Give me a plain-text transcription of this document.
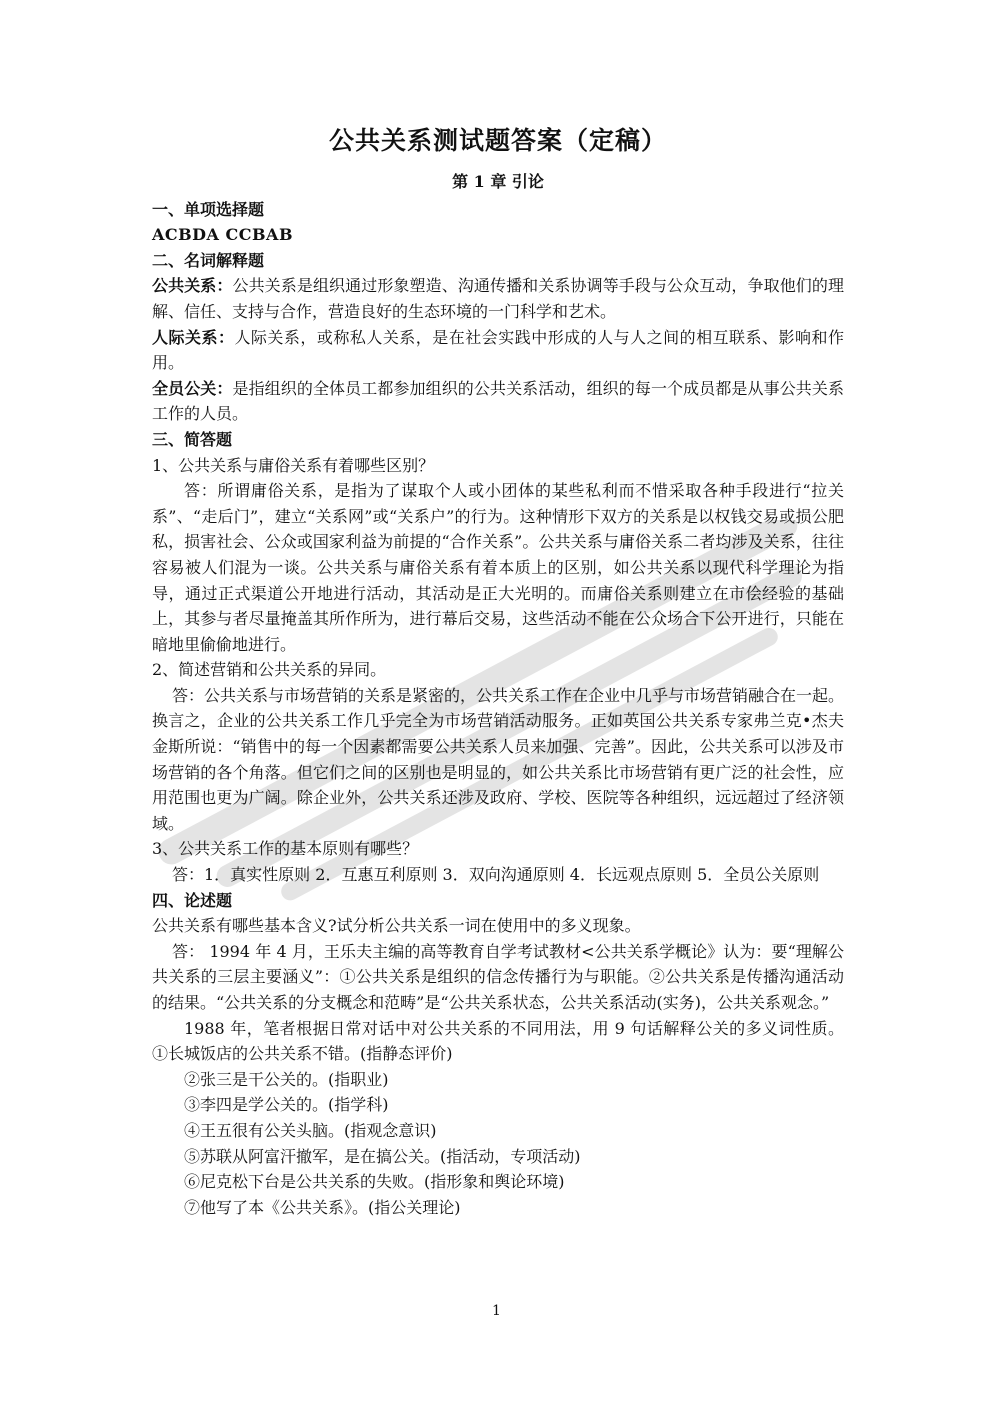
公共关系测试题答案（定稿）

第 1 章 引论

一、单项选择题

ACBDA CCBAB

二、名词解释题

公共关系：公共关系是组织通过形象塑造、沟通传播和关系协调等手段与公众互动，争取他们的理解、信任、支持与合作，营造良好的生态环境的一门科学和艺术。

人际关系：人际关系，或称私人关系，是在社会实践中形成的人与人之间的相互联系、影响和作用。

全员公关：是指组织的全体员工都参加组织的公共关系活动，组织的每一个成员都是从事公共关系工作的人员。

三、简答题

1、公共关系与庸俗关系有着哪些区别？

答：所谓庸俗关系，是指为了谋取个人或小团体的某些私利而不惜采取各种手段进行“拉关系”、“走后门”，建立“关系网”或“关系户”的行为。这种情形下双方的关系是以权钱交易或损公肥私，损害社会、公众或国家利益为前提的“合作关系”。公共关系与庸俗关系二者均涉及关系，往往容易被人们混为一谈。公共关系与庸俗关系有着本质上的区别，如公共关系以现代科学理论为指导，通过正式渠道公开地进行活动，其活动是正大光明的。而庸俗关系则建立在市侩经验的基础上，其参与者尽量掩盖其所作所为，进行幕后交易，这些活动不能在公众场合下公开进行，只能在暗地里偷偷地进行。

2、简述营销和公共关系的异同。

答：公共关系与市场营销的关系是紧密的，公共关系工作在企业中几乎与市场营销融合在一起。换言之，企业的公共关系工作几乎完全为市场营销活动服务。正如英国公共关系专家弗兰克•杰夫金斯所说：“销售中的每一个因素都需要公共关系人员来加强、完善”。因此，公共关系可以涉及市场营销的各个角落。但它们之间的区别也是明显的，如公共关系比市场营销有更广泛的社会性，应用范围也更为广阔。除企业外，公共关系还涉及政府、学校、医院等各种组织，远远超过了经济领域。

3、公共关系工作的基本原则有哪些？

答：1．真实性原则 2．互惠互利原则 3．双向沟通原则 4．长远观点原则 5．全员公关原则

四、论述题

公共关系有哪些基本含义?试分析公共关系一词在使用中的多义现象。

答： 1994 年 4 月，王乐夫主编的高等教育自学考试教材<公共关系学概论》认为：要“理解公共关系的三层主要涵义”：①公共关系是组织的信念传播行为与职能。②公共关系是传播沟通活动的结果。“公共关系的分支概念和范畴”是“公共关系状态，公共关系活动(实务)，公共关系观念。”

1988 年，笔者根据日常对话中对公共关系的不同用法，用 9 句话解释公关的多义词性质。 ①长城饭店的公共关系不错。(指静态评价)

②张三是干公关的。(指职业)

③李四是学公关的。(指学科)

④王五很有公关头脑。(指观念意识)

⑤苏联从阿富汗撤军，是在搞公关。(指活动，专项活动)

⑥尼克松下台是公共关系的失败。(指形象和舆论环境)

⑦他写了本《公共关系》。(指公关理论)

1
